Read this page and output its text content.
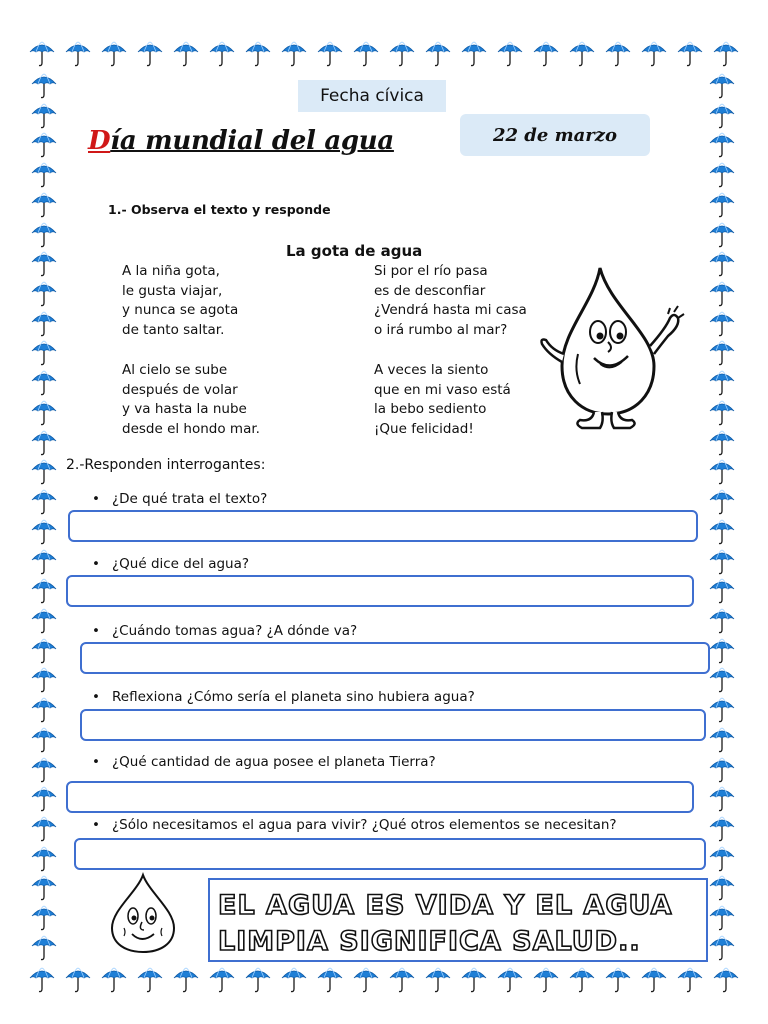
Fecha cívica
Día mundial del agua	22 de marzo
1.- Observa el texto y responde
La gota de agua
A la niña gota,
le gusta viajar,
y nunca se agota
de tanto saltar.
Si por el río pasa
es de desconfiar
¿Vendrá hasta mi casa
o irá rumbo al mar?
Al cielo se sube
después de volar
y va hasta la nube
desde el hondo mar.
A veces la siento
que en mi vaso está
la bebo sediento
¡Que felicidad!
2.-Responden interrogantes:
• ¿De qué trata el texto?
• ¿Qué dice del agua?
• ¿Cuándo tomas agua? ¿A dónde va?
• Reflexiona ¿Cómo sería el planeta sino hubiera agua?
• ¿Qué cantidad de agua posee el planeta Tierra?
• ¿Sólo necesitamos el agua para vivir? ¿Qué otros elementos se necesitan?
EL AGUA ES VIDA Y EL AGUA
LIMPIA SIGNIFICA SALUD..
